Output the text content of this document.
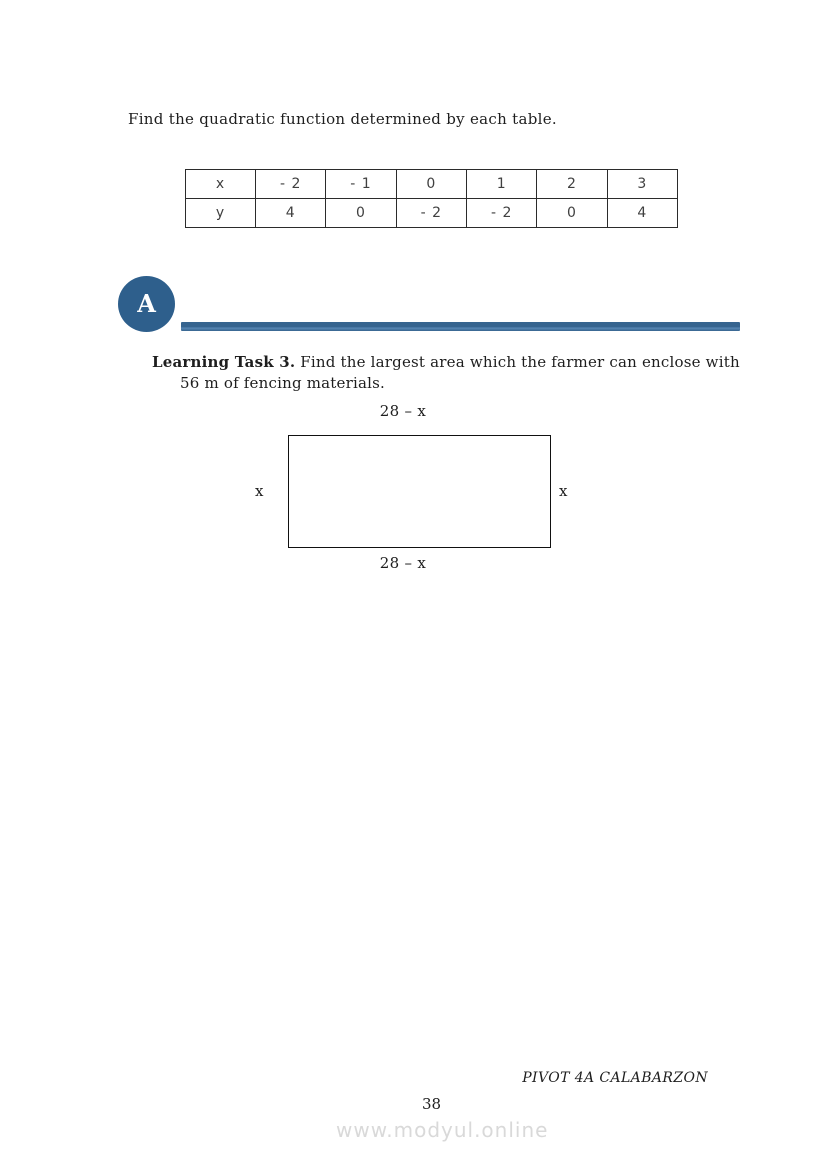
Find the quadratic function determined by each table.
x	- 2	- 1	0	1	2	3
y	4	0	- 2	- 2	0	4
A

Learning Task 3. Find the largest area which the farmer can enclose with 56 m of fencing materials.

28 – x
x	x
28 – x
PIVOT 4A CALABARZON
38
www.modyul.online
